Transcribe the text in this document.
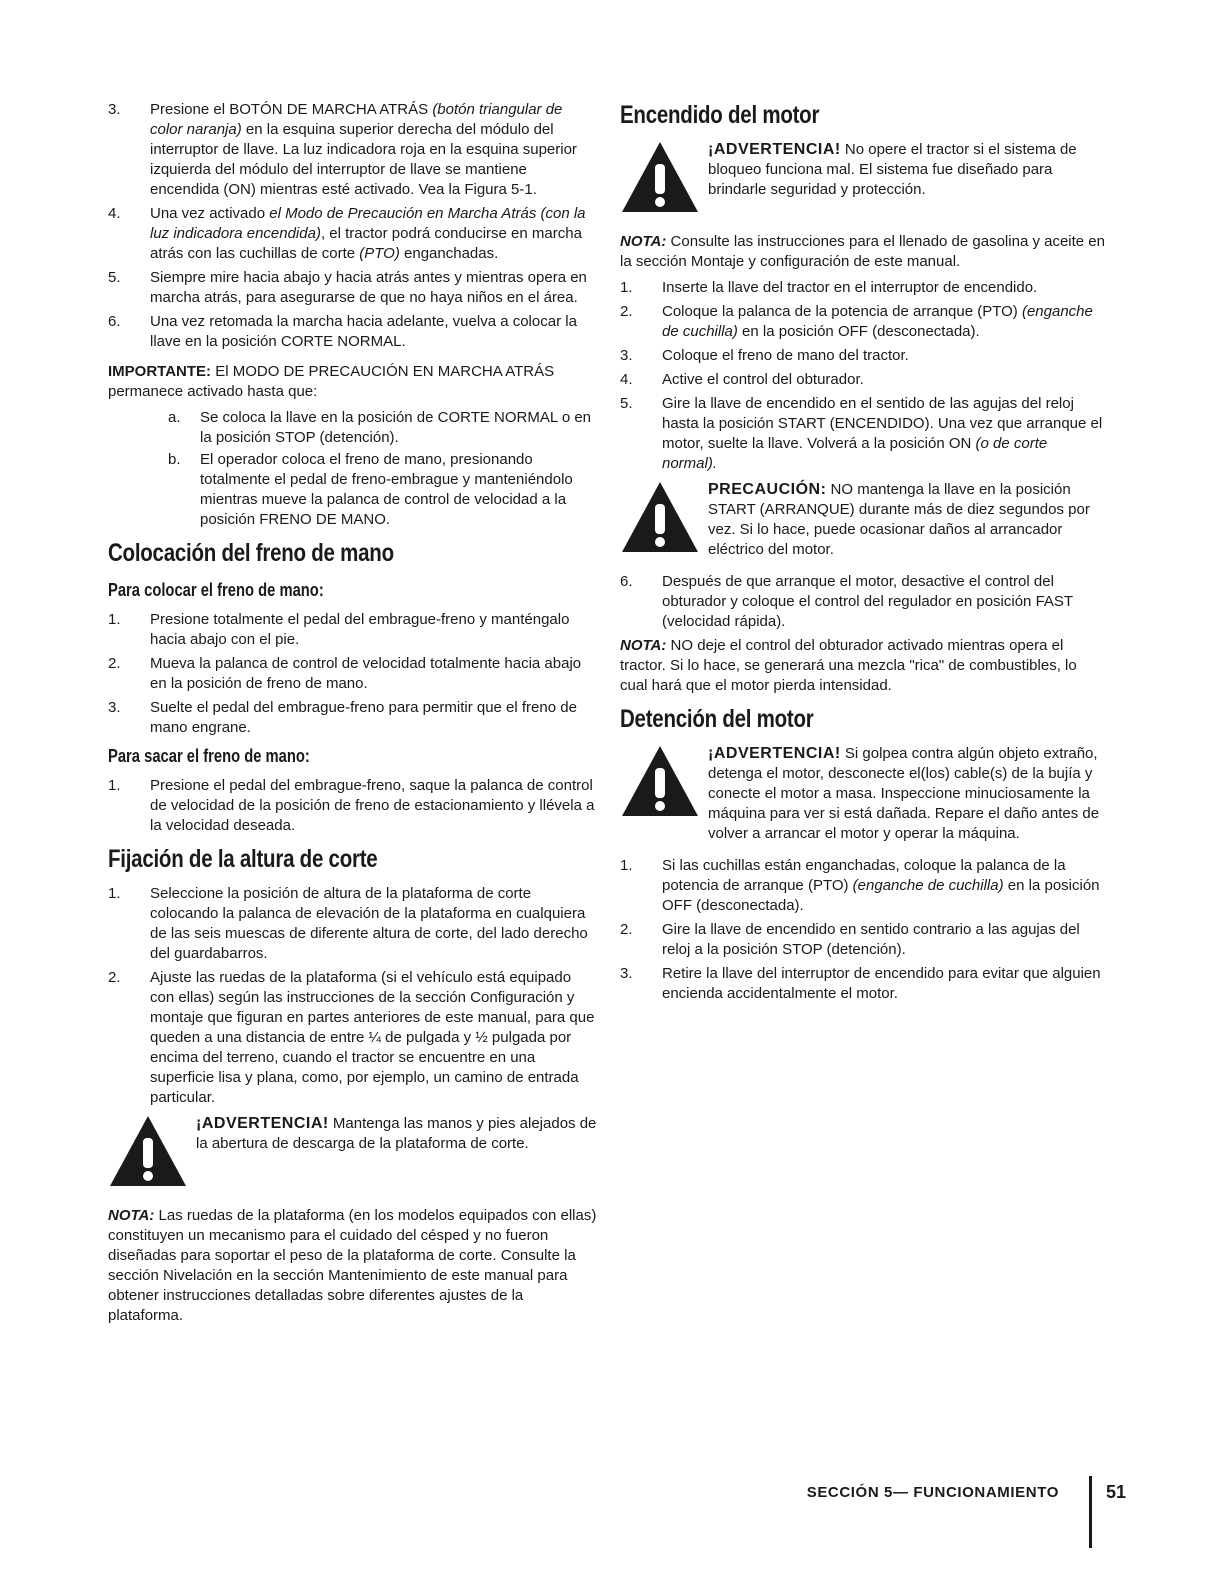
3. Presione el BOTÓN DE MARCHA ATRÁS (botón triangular de color naranja) en la esquina superior derecha del módulo del interruptor de llave. La luz indicadora roja en la esquina superior izquierda del módulo del interruptor de llave se mantiene encendida (ON) mientras esté activado. Vea la Figura 5-1.
4. Una vez activado el Modo de Precaución en Marcha Atrás (con la luz indicadora encendida), el tractor podrá conducirse en marcha atrás con las cuchillas de corte (PTO) enganchadas.
5. Siempre mire hacia abajo y hacia atrás antes y mientras opera en marcha atrás, para asegurarse de que no haya niños en el área.
6. Una vez retomada la marcha hacia adelante, vuelva a colocar la llave en la posición CORTE NORMAL.

IMPORTANTE: El MODO DE PRECAUCIÓN EN MARCHA ATRÁS permanece activado hasta que:

a. Se coloca la llave en la posición de CORTE NORMAL o en la posición STOP (detención).
b. El operador coloca el freno de mano, presionando totalmente el pedal de freno-embrague y manteniéndolo mientras mueve la palanca de control de velocidad a la posición FRENO DE MANO.
Colocación del freno de mano
Para colocar el freno de mano:
1. Presione totalmente el pedal del embrague-freno y manténgalo hacia abajo con el pie.
2. Mueva la palanca de control de velocidad totalmente hacia abajo en la posición de freno de mano.
3. Suelte el pedal del embrague-freno para permitir que el freno de mano engrane.
Para sacar el freno de mano:
1. Presione el pedal del embrague-freno, saque la palanca de control de velocidad de la posición de freno de estacionamiento y llévela a la velocidad deseada.
Fijación de la altura de corte
1. Seleccione la posición de altura de la plataforma de corte colocando la palanca de elevación de la plataforma en cualquiera de las seis muescas de diferente altura de corte, del lado derecho del guardabarros.
2. Ajuste las ruedas de la plataforma (si el vehículo está equipado con ellas) según las instrucciones de la sección Configuración y montaje que figuran en partes anteriores de este manual, para que queden a una distancia de entre ¼ de pulgada y ½ pulgada por encima del terreno, cuando el tractor se encuentre en una superficie lisa y plana, como, por ejemplo, un camino de entrada particular.

¡ADVERTENCIA! Mantenga las manos y pies alejados de la abertura de descarga de la plataforma de corte.

NOTA: Las ruedas de la plataforma (en los modelos equipados con ellas) constituyen un mecanismo para el cuidado del césped y no fueron diseñadas para soportar el peso de la plataforma de corte. Consulte la sección Nivelación en la sección Mantenimiento de este manual para obtener instrucciones detalladas sobre diferentes ajustes de la plataforma.

Encendido del motor

¡ADVERTENCIA! No opere el tractor si el sistema de bloqueo funciona mal. El sistema fue diseñado para brindarle seguridad y protección.

NOTA: Consulte las instrucciones para el llenado de gasolina y aceite en la sección Montaje y configuración de este manual.

1. Inserte la llave del tractor en el interruptor de encendido.
2. Coloque la palanca de la potencia de arranque (PTO) (enganche de cuchilla) en la posición OFF (desconectada).
3. Coloque el freno de mano del tractor.
4. Active el control del obturador.
5. Gire la llave de encendido en el sentido de las agujas del reloj hasta la posición START (ENCENDIDO). Una vez que arranque el motor, suelte la llave. Volverá a la posición ON (o de corte normal).

PRECAUCIÓN: NO mantenga la llave en la posición START (ARRANQUE) durante más de diez segundos por vez. Si lo hace, puede ocasionar daños al arrancador eléctrico del motor.

6. Después de que arranque el motor, desactive el control del obturador y coloque el control del regulador en posición FAST (velocidad rápida).

NOTA: NO deje el control del obturador activado mientras opera el tractor. Si lo hace, se generará una mezcla "rica" de combustibles, lo cual hará que el motor pierda intensidad.

Detención del motor

¡ADVERTENCIA! Si golpea contra algún objeto extraño, detenga el motor, desconecte el(los) cable(s) de la bujía y conecte el motor a masa. Inspeccione minuciosamente la máquina para ver si está dañada. Repare el daño antes de volver a arrancar el motor y operar la máquina.

1. Si las cuchillas están enganchadas, coloque la palanca de la potencia de arranque (PTO) (enganche de cuchilla) en la posición OFF (desconectada).
2. Gire la llave de encendido en sentido contrario a las agujas del reloj a la posición STOP (detención).
3. Retire la llave del interruptor de encendido para evitar que alguien encienda accidentalmente el motor.
SECCIÓN 5— FUNCIONAMIENTO	51
